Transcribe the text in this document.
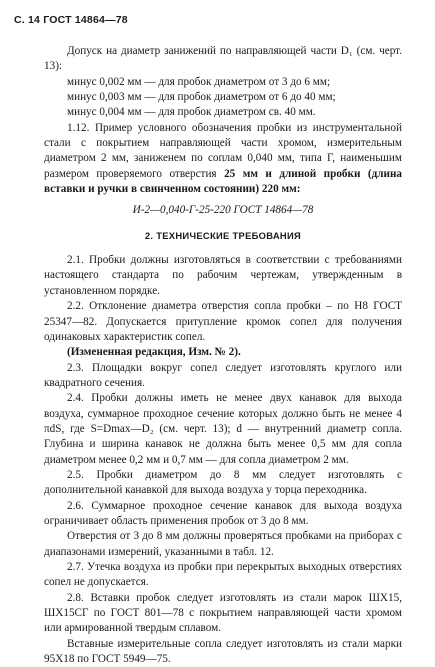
С. 14 ГОСТ 14864—78

Допуск на диаметр занижений по направляющей части D₁ (см. черт. 13):

минус 0,002 мм — для пробок диаметром от 3 до 6 мм;

минус 0,003 мм — для пробок диаметром от 6 до 40 мм;

минус 0,004 мм — для пробок диаметром св. 40 мм.

1.12. Пример условного обозначения пробки из инструментальной стали с покрытием направляющей части хромом, измерительным диаметром 2 мм, заниженем по соплам 0,040 мм, типа Г, наименьшим размером проверяемого отверстия 25 мм и длиной пробки (длина вставки и ручки в свинченном состоянии) 220 мм:

И-2—0,040-Г-25-220 ГОСТ 14864—78

2. ТЕХНИЧЕСКИЕ ТРЕБОВАНИЯ

2.1. Пробки должны изготовляться в соответствии с требованиями настоящего стандарта по рабочим чертежам, утвержденным в установленном порядке.

2.2. Отклонение диаметра отверстия сопла пробки – по Н8 ГОСТ 25347—82. Допускается притупление кромок сопел для получения одинаковых характеристик сопел.

(Измененная редакция, Изм. № 2).

2.3. Площадки вокруг сопел следует изготовлять круглого или квадратного сечения.

2.4. Пробки должны иметь не менее двух канавок для выхода воздуха, суммарное проходное сечение которых должно быть не менее 4 πdS, где S=Dmax—D₂ (см. черт. 13); d — внутренний диаметр сопла. Глубина и ширина канавок не должна быть менее 0,5 мм для сопла диаметром менее 0,2 мм и 0,7 мм — для сопла диаметром 2 мм.

2.5. Пробки диаметром до 8 мм следует изготовлять с дополнительной канавкой для выхода воздуха у торца переходника.

2.6. Суммарное проходное сечение канавок для выхода воздуха ограничивает область применения пробок от 3 до 8 мм.

Отверстия от 3 до 8 мм должны проверяться пробками на приборах с диапазонами измерений, указанными в табл. 12.

2.7. Утечка воздуха из пробки при перекрытых выходных отверстиях сопел не допускается.

2.8. Вставки пробок следует изготовлять из стали марок ШХ15, ШХ15СГ по ГОСТ 801—78 с покрытием направляющей части хромом или армированной твердым сплавом.

Вставные измерительные сопла следует изготовлять из стали марки 95Х18 по ГОСТ 5949—75.
